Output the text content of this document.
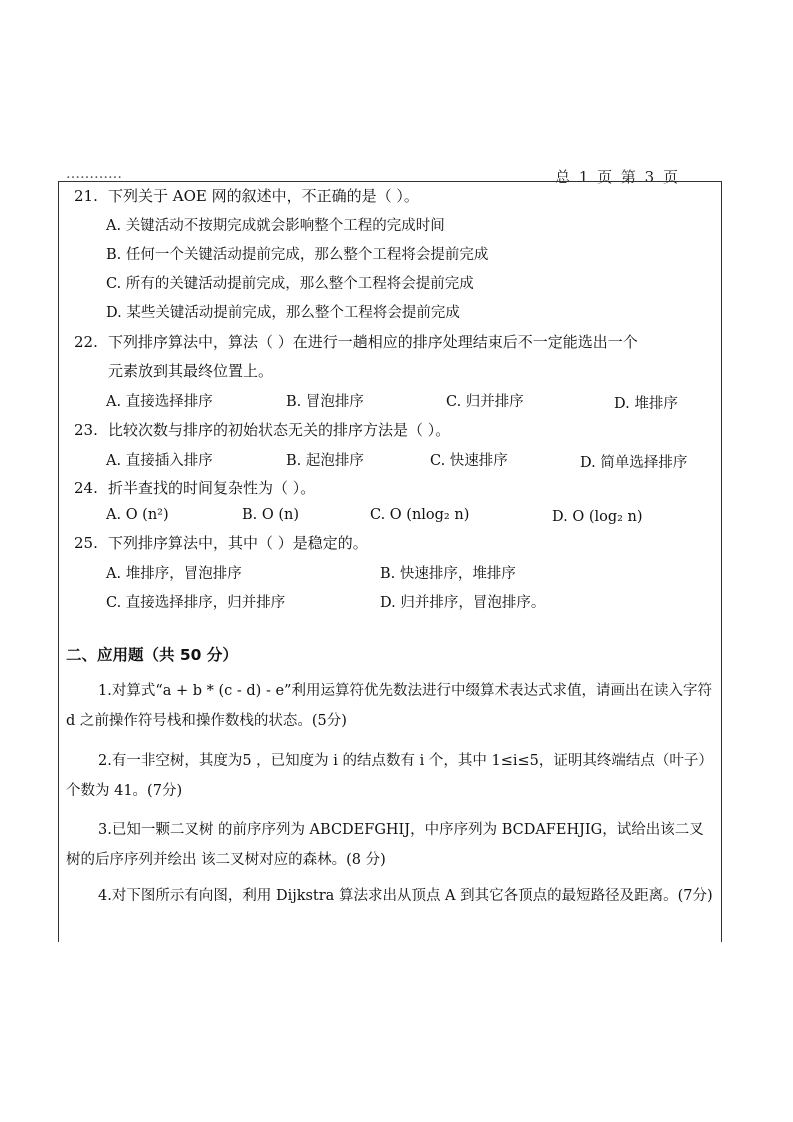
…………	总 1 页 第 3 页
21. 下列关于 AOE 网的叙述中，不正确的是（ ）。
A. 关键活动不按期完成就会影响整个工程的完成时间
B. 任何一个关键活动提前完成，那么整个工程将会提前完成
C. 所有的关键活动提前完成，那么整个工程将会提前完成
D. 某些关键活动提前完成，那么整个工程将会提前完成
22. 下列排序算法中，算法（ ）在进行一趟相应的排序处理结束后不一定能选出一个
元素放到其最终位置上。
A. 直接选择排序	B. 冒泡排序	C. 归并排序	D. 堆排序
23. 比较次数与排序的初始状态无关的排序方法是（ ）。
A. 直接插入排序	B. 起泡排序	C. 快速排序	D. 简单选择排序
24. 折半查找的时间复杂性为（ ）。
A. O (n²)	B. O (n)	C. O (nlog₂ n)	D. O (log₂ n)
25. 下列排序算法中，其中（ ）是稳定的。
A. 堆排序，冒泡排序	B. 快速排序，堆排序
C. 直接选择排序，归并排序	D. 归并排序，冒泡排序。
二、应用题（共 50 分）
1.对算式“a + b * (c - d) - e”利用运算符优先数法进行中缀算术表达式求值，请画出在读入字符 d 之前操作符号栈和操作数栈的状态。(5分)
2.有一非空树，其度为5 ，已知度为 i 的结点数有 i 个，其中 1≤i≤5，证明其终端结点（叶子）个数为 41。(7分)
3.已知一颗二叉树 的前序序列为 ABCDEFGHIJ，中序序列为 BCDAFEHJIG，试给出该二叉树的后序序列并绘出 该二叉树对应的森林。(8 分)
4.对下图所示有向图，利用 Dijkstra 算法求出从顶点 A 到其它各顶点的最短路径及距离。(7分)
